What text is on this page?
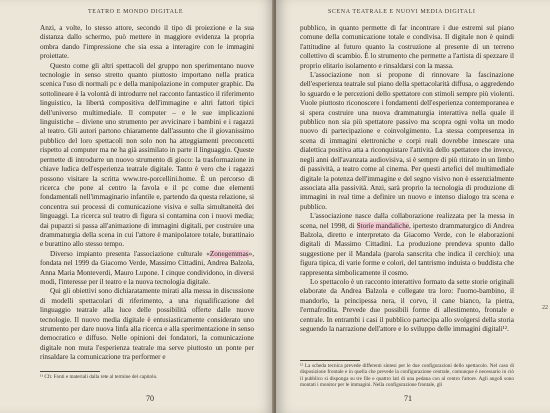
TEATRO E MONDO DIGITALE

Anzi, a volte, lo stesso attore, secondo il tipo di proiezione e la sua distanza dallo schermo, può mettere in maggiore evidenza la propria ombra dando l'impressione che sia essa a interagire con le immagini proiettate.

Questo come gli altri spettacoli del gruppo non sperimentano nuove tecnologie in senso stretto quanto piuttosto importano nella pratica scenica l'uso di normali pc e della manipolazione in computer graphic. Da sottolineare è la volontà di introdurre nel racconto fantastico il riferimento linguistico, la libertà compositiva dell'immagine e altri fattori tipici dell'universo multimediale. Il computer – e le sue implicazioni linguistiche – diviene uno strumento per avvicinare i bambini e i ragazzi al teatro. Gli autori partono chiaramente dall'assunto che il giovanissimo pubblico del loro spettacoli non solo non ha atteggiamenti preconcetti rispetto al computer ma ne ha già assimilato in parte il linguaggio. Queste permette di introdurre un nuovo strumento di gioco: la trasformazione in chiave ludica dell'esperienza teatrale digitale. Tanto è vero che i ragazzi possono visitare la scritta www.tre-porcellini.home. È un percorso di ricerca che pone al centro la favola e il pc come due elementi fondamentali nell'immaginario infantile e, partendo da questa relazione, si concentra sui processi di comunicazione visiva e sulla simultaneità dei linguaggi. La ricerca sul teatro di figura si contamina con i nuovi media; dai pupazzi si passa all'animazione di immagini digitali, per costruire una drammaturgia della scena in cui l'attore è manipolatore totale, burattinaio e burattino allo stesso tempo.

Diverso impianto presenta l'associazione culturale «Zonegemmas», fondata nel 1999 da Giacomo Verde, Massimo Cittadini, Andrea Balzola, Anna Maria Monteverdi, Mauro Lupone. I cinque condividono, in diversi modi, l'interesse per il teatro e la nuova tecnologia digitale.

Qui gli obiettivi sono dichiaratamente mirati alla messa in discussione di modelli spettacolari di riferimento, a una riqualificazione del linguaggio teatrale alla luce delle possibilità offerte dalle nuove tecnologie. Il nuovo media digitale è entusiasticamente considerato uno strumento per dare nuova linfa alla ricerca e alla sperimentazione in senso democratico e diffuso. Nelle opinioni dei fondatori, la comunicazione digitale non muta l'esperienza teatrale ma serve piuttosto un ponte per rinsaldare la comunicazione tra performer e

¹¹ Cfr. Fonti e materiali dalla rete al termine del capitolo.

70
SCENA TEATRALE E NUOVI MEDIA DIGITALI

pubblico, in quanto permette di far incontrare i due estremi sul piano comune della comunicazione totale e condivisa. Il digitale non è quindi l'attitudine al futuro quanto la costruzione al presente di un terreno collettivo di scambio. È lo strumento che permette a l'artista di spezzare il proprio elitario isolamento e rinsaldarsi con la massa.

L'associazione non si propone di rinnovare la fascinazione dell'esperienza teatrale sul piano della spettacolarità diffusa, o aggredendo lo sguardo e le percezioni dello spettatore con stimoli sempre più violenti. Vuole piuttosto riconoscere i fondamenti dell'esperienza contemporanea e si spera costruire una nuova drammaturgia interattiva nella quale il pubblico non sia più spettatore passivo ma scopra ogni volta un modo nuovo di partecipazione e coinvolgimento. La stessa compresenza in scena di immagini elettroniche e corpi reali dovrebbe innescare una dialettica positiva atta a riconquistare l'attività dello spettatore che invece, negli anni dell'avanzata audiovisiva, si è sempre di più ritirato in un limbo di passività, a teatro come al cinema. Per questi artefici del multimediale digitale la potenza dell'immagine e del segno visivo non è essenzialmente associata alla passività. Anzi, sarà proprio la tecnologia di produzione di immagini in real time a definire un nuovo e intenso dialogo tra scena e pubblico.

L'associazione nasce dalla collaborazione realizzata per la messa in scena, nel 1998, di Storie mandaliche, ipertesto drammaturgico di Andrea Balzola, diretto e interpretato da Giacomo Verde, con le elaborazioni digitali di Massimo Cittadini. La produzione prendeva spunto dallo suggestione per il Mandala (parola sanscrita che indica il cerchio): una figura tipica, di varie forme e colori, del tantrismo induista o buddista che rappresenta simbolicamente il cosmo.

Lo spettacolo è un racconto interattivo formato da sette storie originali elaborate da Andrea Balzola e collegate tra loro: l'uomo-bambino, il mandorlo, la principessa nera, il corvo, il cane bianco, la pietra, l'ermafrodita. Prevede due possibili forme di allestimento, frontale e centrale. In entrambi i casi il pubblico partecipa allo svolgersi della storia seguendo la narrazione dell'attore e lo sviluppo delle immagini digitali¹².

¹² La scheda tecnica prevede differenti sintesi per le due configurazioni dello spettacolo. Nel caso di disposizione frontale e in quella che prevede la configurazione centrale, comunque è necessario in ciò il pubblico si disponga su tre file e quattro lati di una pedana con al centro l'attore. Agli angoli sono montati i monitor per le immagini. Nella configurazione frontale, gli

71
22
